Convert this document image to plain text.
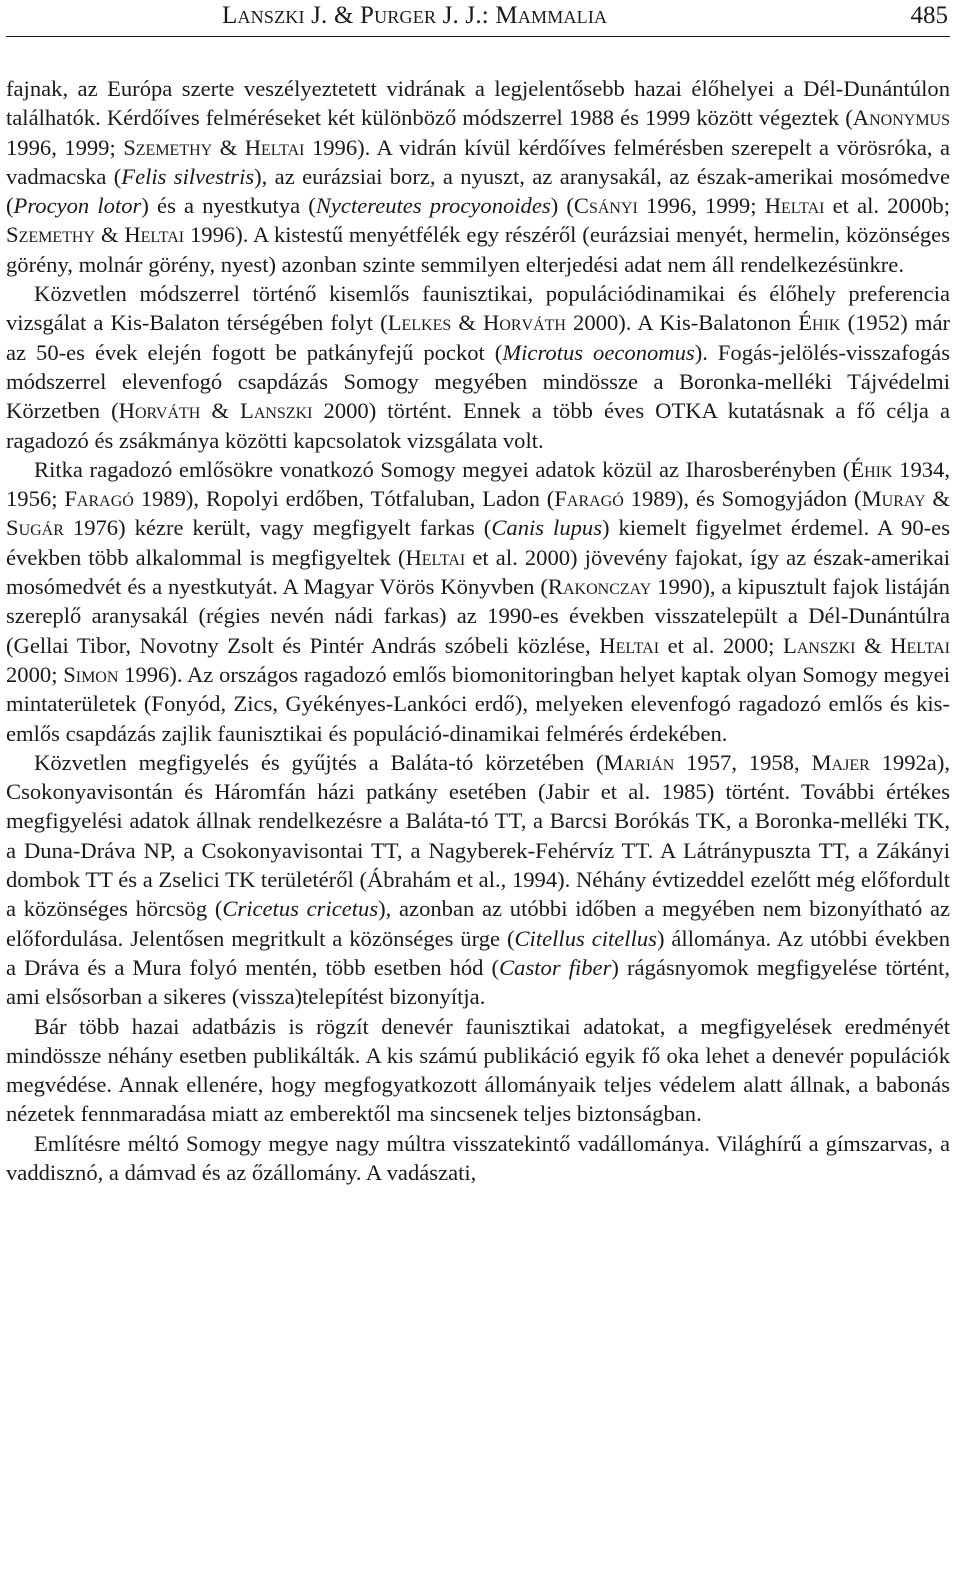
Lanszki J. & Purger J. J.: Mammalia	485

fajnak, az Európa szerte veszélyeztetett vidrának a legjelentősebb hazai élőhelyei a Dél-Dunántúlon találhatók. Kérdőíves felméréseket két különböző módszerrel 1988 és 1999 között végeztek (Anonymus 1996, 1999; Szemethy & Heltai 1996). A vidrán kívül kérdőíves felmérésben szerepelt a vörösróka, a vadmacska (Felis silvestris), az eurázsiai borz, a nyuszt, az aranysakál, az észak-amerikai mosómedve (Procyon lotor) és a nyestkutya (Nyctereutes procyonoides) (Csányi 1996, 1999; Heltai et al. 2000b; Szemethy & Heltai 1996). A kistestű menyétfélék egy részéről (eurázsiai menyét, hermelin, közönséges görény, molnár görény, nyest) azonban szinte semmilyen elterjedési adat nem áll rendelkezésünkre.

Közvetlen módszerrel történő kisemlős faunisztikai, populációdinamikai és élőhely preferencia vizsgálat a Kis-Balaton térségében folyt (Lelkes & Horváth 2000). A Kis-Balatonon Éhik (1952) már az 50-es évek elején fogott be patkányfejű pockot (Microtus oeconomus). Fogás-jelölés-visszafogás módszerrel elevenfogó csapdázás Somogy megyében mindössze a Boronka-melléki Tájvédelmi Körzetben (Horváth & Lanszki 2000) történt. Ennek a több éves OTKA kutatásnak a fő célja a ragadozó és zsákmánya közötti kapcsolatok vizsgálata volt.

Ritka ragadozó emlősökre vonatkozó Somogy megyei adatok közül az Iharosberényben (Éhik 1934, 1956; Faragó 1989), Ropolyi erdőben, Tótfaluban, Ladon (Faragó 1989), és Somogyjádon (Muray & Sugár 1976) kézre került, vagy megfigyelt farkas (Canis lupus) kiemelt figyelmet érdemel. A 90-es években több alkalommal is megfigyeltek (Heltai et al. 2000) jövevény fajokat, így az észak-amerikai mosómedvét és a nyestkutyát. A Magyar Vörös Könyvben (Rakonczay 1990), a kipusztult fajok listáján szereplő aranysakál (régies nevén nádi farkas) az 1990-es években visszatelepült a Dél-Dunántúlra (Gellai Tibor, Novotny Zsolt és Pintér András szóbeli közlése, Heltai et al. 2000; Lanszki & Heltai 2000; Simon 1996). Az országos ragadozó emlős biomonitoringban helyet kaptak olyan Somogy megyei mintaterületek (Fonyód, Zics, Gyékényes-Lankóci erdő), melyeken elevenfogó ragadozó emlős és kisemlős csapdázás zajlik faunisztikai és populáció-dinamikai felmérés érdekében.

Közvetlen megfigyelés és gyűjtés a Baláta-tó körzetében (Marián 1957, 1958, Majer 1992a), Csokonyavisontán és Háromfán házi patkány esetében (Jabir et al. 1985) történt. További értékes megfigyelési adatok állnak rendelkezésre a Baláta-tó TT, a Barcsi Borókás TK, a Boronka-melléki TK, a Duna-Dráva NP, a Csokonyavisontai TT, a Nagyberek-Fehérvíz TT. A Látránypuszta TT, a Zákányi dombok TT és a Zselici TK területéről (Ábrahám et al., 1994). Néhány évtizeddel ezelőtt még előfordult a közönséges hörcsög (Cricetus cricetus), azonban az utóbbi időben a megyében nem bizonyítható az előfordulása. Jelentősen megritkult a közönséges ürge (Citellus citellus) állománya. Az utóbbi években a Dráva és a Mura folyó mentén, több esetben hód (Castor fiber) rágásnyomok megfigyelése történt, ami elsősorban a sikeres (vissza)telepítést bizonyítja.

Bár több hazai adatbázis is rögzít denevér faunisztikai adatokat, a megfigyelések eredményét mindössze néhány esetben publikálták. A kis számú publikáció egyik fő oka lehet a denevér populációk megvédése. Annak ellenére, hogy megfogyatkozott állományaik teljes védelem alatt állnak, a babonás nézetek fennmaradása miatt az emberektől ma sincsenek teljes biztonságban.

Említésre méltó Somogy megye nagy múltra visszatekintő vadállománya. Világhírű a gímszarvas, a vaddisznó, a dámvad és az őzállomány. A vadászati,
